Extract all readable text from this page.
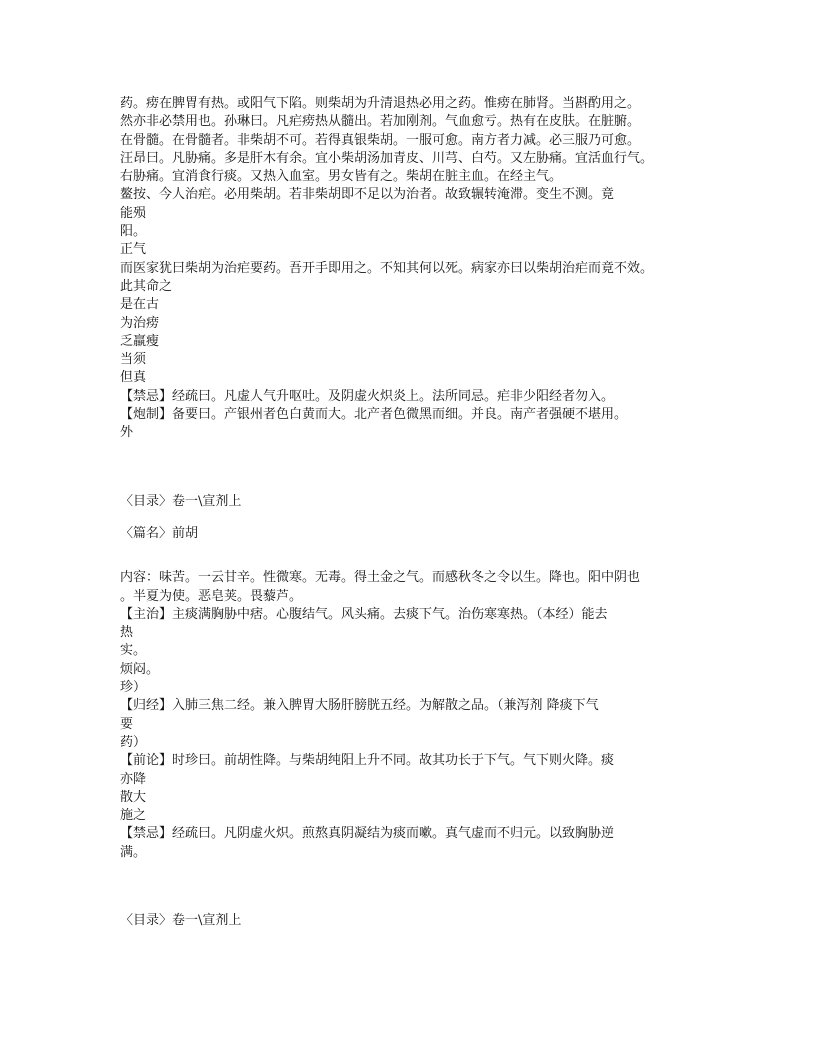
药。痨在脾胃有热。或阳气下陷。则柴胡为升清退热必用之药。惟痨在肺肾。当斟酌用之。
然亦非必禁用也。孙琳曰。凡疟痨热从髓出。若加刚剂。气血愈亏。热有在皮肤。在脏腑。
在骨髓。在骨髓者。非柴胡不可。若得真银柴胡。一服可愈。南方者力减。必三服乃可愈。
汪昂曰。凡胁痛。多是肝木有余。宜小柴胡汤加青皮、川芎、白芍。又左胁痛。宜活血行气。
右胁痛。宜消食行痰。又热入血室。男女皆有之。柴胡在脏主血。在经主气。
鳌按、今人治疟。必用柴胡。若非柴胡即不足以为治者。故致辗转淹滞。变生不测。竟
能殒
阳。
正气
而医家犹曰柴胡为治疟要药。吾开手即用之。不知其何以死。病家亦曰以柴胡治疟而竟不效。
此其命之
是在古
为治痨
乏羸瘦
当须
但真
【禁忌】经疏曰。凡虚人气升呕吐。及阴虚火炽炎上。法所同忌。疟非少阳经者勿入。
【炮制】备要曰。产银州者色白黄而大。北产者色微黑而细。并良。南产者强硬不堪用。
外
〈目录〉卷一\宣剂上
〈篇名〉前胡
内容：味苦。一云甘辛。性微寒。无毒。得土金之气。而感秋冬之令以生。降也。阳中阴也
。半夏为使。恶皂荚。畏藜芦。
【主治】主痰满胸胁中痞。心腹结气。风头痛。去痰下气。治伤寒寒热。（本经）能去
热
实。
烦闷。
珍）
【归经】入肺三焦二经。兼入脾胃大肠肝膀胱五经。为解散之品。（兼泻剂 降痰下气
要
药）
【前论】时珍曰。前胡性降。与柴胡纯阳上升不同。故其功长于下气。气下则火降。痰
亦降
散大
施之
【禁忌】经疏曰。凡阴虚火炽。煎熬真阴凝结为痰而嗽。真气虚而不归元。以致胸胁逆
满。
〈目录〉卷一\宣剂上
